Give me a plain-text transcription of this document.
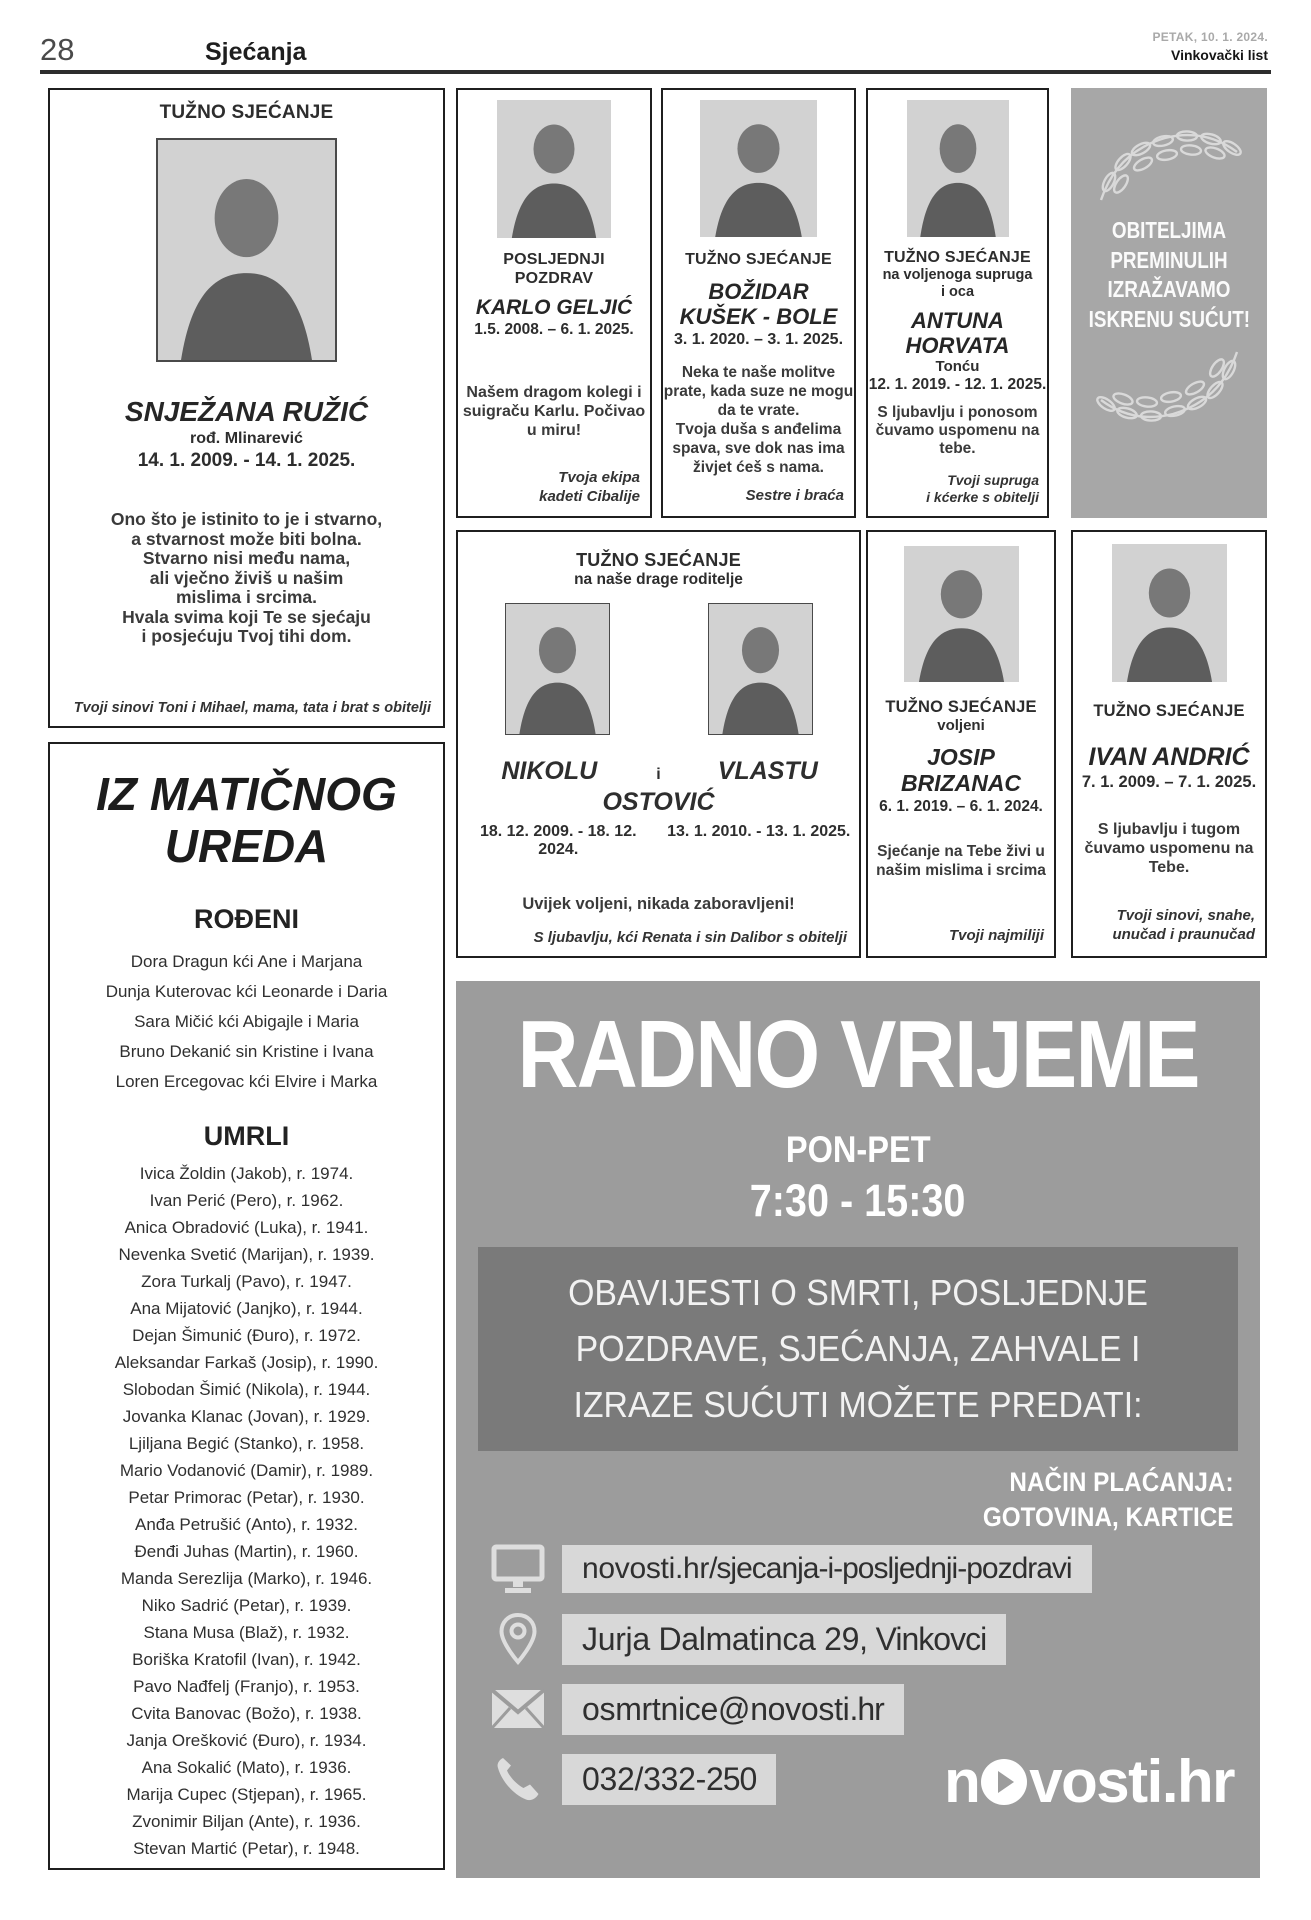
28	Sjećanja
PETAK, 10. 1. 2024.
Vinkovački list
TUŽNO SJEĆANJE
SNJEŽANA RUŽIĆ
rođ. Mlinarević
14. 1. 2009. - 14. 1. 2025.
Ono što je istinito to je i stvarno,
a stvarnost može biti bolna.
Stvarno nisi među nama,
ali vječno živiš u našim
mislima i srcima.
Hvala svima koji Te se sjećaju
i posjećuju Tvoj tihi dom.
Tvoji sinovi Toni i Mihael, mama, tata i brat s obitelji
IZ MATIČNOG
UREDA
ROĐENI
Dora Dragun kći Ane i Marjana
Dunja Kuterovac kći Leonarde i Daria
Sara Mičić kći Abigajle i Maria
Bruno Dekanić sin Kristine i Ivana
Loren Ercegovac kći Elvire i Marka
UMRLI
Ivica Žoldin (Jakob), r. 1974.
Ivan Perić (Pero), r. 1962.
Anica Obradović (Luka), r. 1941.
Nevenka Svetić (Marijan), r. 1939.
Zora Turkalj (Pavo), r. 1947.
Ana Mijatović (Janjko), r. 1944.
Dejan Šimunić (Đuro), r. 1972.
Aleksandar Farkaš (Josip), r. 1990.
Slobodan Šimić (Nikola), r. 1944.
Jovanka Klanac (Jovan), r. 1929.
Ljiljana Begić (Stanko), r. 1958.
Mario Vodanović (Damir), r. 1989.
Petar Primorac (Petar), r. 1930.
Anđa Petrušić (Anto), r. 1932.
Đenđi Juhas (Martin), r. 1960.
Manda Serezlija (Marko), r. 1946.
Niko Sadrić (Petar), r. 1939.
Stana Musa (Blaž), r. 1932.
Boriška Kratofil (Ivan), r. 1942.
Pavo Nađfelj (Franjo), r. 1953.
Cvita Banovac (Božo), r. 1938.
Janja Orešković (Đuro), r. 1934.
Ana Sokalić (Mato), r. 1936.
Marija Cupec (Stjepan), r. 1965.
Zvonimir Biljan (Ante), r. 1936.
Stevan Martić (Petar), r. 1948.
POSLJEDNJI
POZDRAV
KARLO GELJIĆ
1.5. 2008. – 6. 1. 2025.
Našem dragom kolegi i
suigraču Karlu. Počivao
u miru!
Tvoja ekipa
kadeti Cibalije
TUŽNO SJEĆANJE
BOŽIDAR
KUŠEK - BOLE
3. 1. 2020. – 3. 1. 2025.
Neka te naše molitve
prate, kada suze ne mogu
da te vrate.
Tvoja duša s anđelima
spava, sve dok nas ima
živjet ćeš s nama.
Sestre i braća
TUŽNO SJEĆANJE
na voljenoga supruga
i oca
ANTUNA
HORVATA
Tonću
12. 1. 2019. - 12. 1. 2025.
S ljubavlju i ponosom
čuvamo uspomenu na
tebe.
Tvoji supruga
i kćerke s obitelji
OBITELJIMA
PREMINULIH
IZRAŽAVAMO
ISKRENU SUĆUT!
TUŽNO SJEĆANJE
na naše drage roditelje
NIKOLU	i	VLASTU
OSTOVIĆ
18. 12. 2009. - 18. 12. 2024.
13. 1. 2010. - 13. 1. 2025.
Uvijek voljeni, nikada zaboravljeni!
S ljubavlju, kći Renata i sin Dalibor s obitelji
TUŽNO SJEĆANJE
voljeni
JOSIP
BRIZANAC
6. 1. 2019. – 6. 1. 2024.
Sjećanje na Tebe živi u
našim mislima i srcima
Tvoji najmiliji
TUŽNO SJEĆANJE
IVAN ANDRIĆ
7. 1. 2009. – 7. 1. 2025.
S ljubavlju i tugom
čuvamo uspomenu na
Tebe.
Tvoji sinovi, snahe,
unučad i praunučad
RADNO VRIJEME
PON-PET
7:30 - 15:30
OBAVIJESTI O SMRTI, POSLJEDNJE
POZDRAVE, SJEĆANJA, ZAHVALE I
IZRAZE SUĆUTI MOŽETE PREDATI:
NAČIN PLAĆANJA:
GOTOVINA, KARTICE
novosti.hr/sjecanja-i-posljednji-pozdravi
Jurja Dalmatinca 29, Vinkovci
osmrtnice@novosti.hr
032/332-250	n vosti.hr
